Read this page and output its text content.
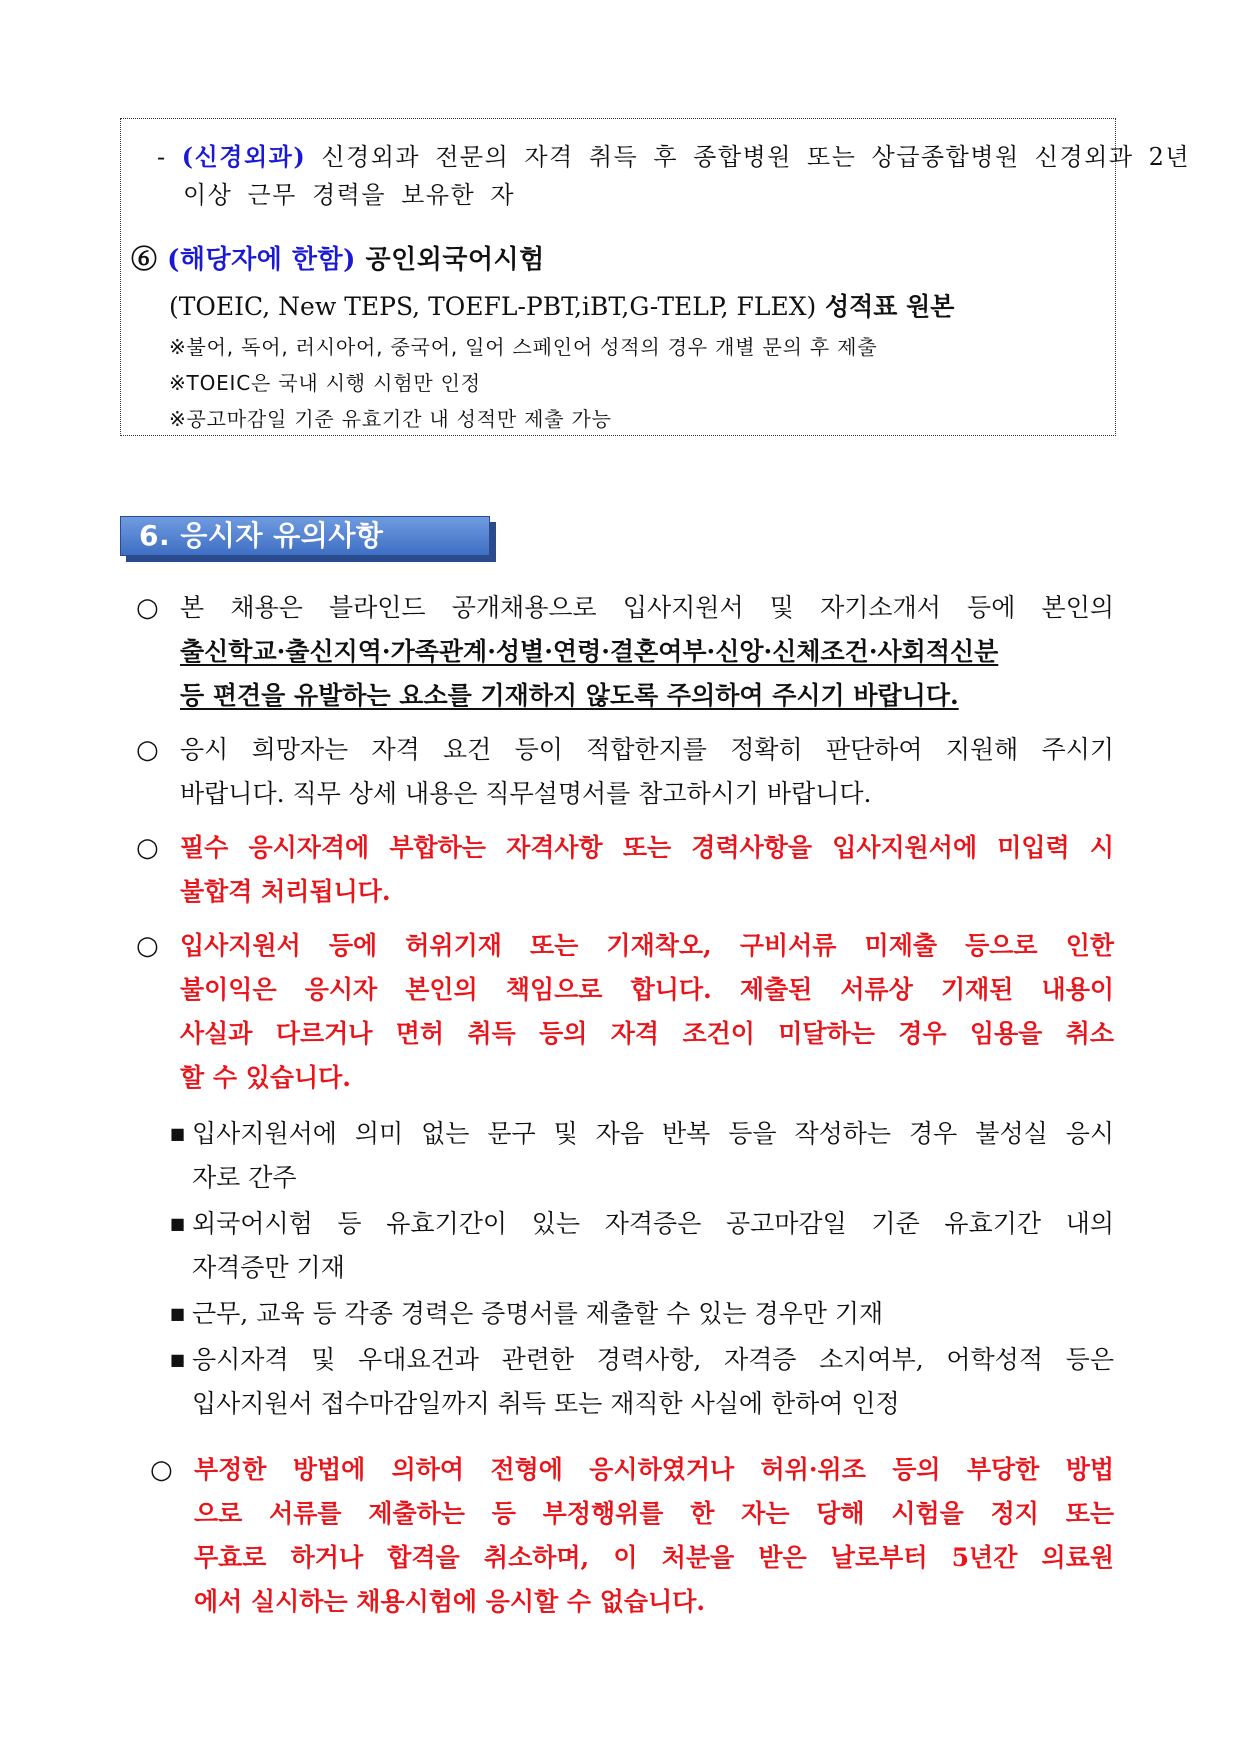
- (신경외과) 신경외과 전문의 자격 취득 후 종합병원 또는 상급종합병원 신경외과 2년
이상 근무 경력을 보유한 자
⑥ (해당자에 한함) 공인외국어시험
(TOEIC, New TEPS, TOEFL-PBT,iBT,G-TELP, FLEX) 성적표 원본
※불어, 독어, 러시아어, 중국어, 일어 스페인어 성적의 경우 개별 문의 후 제출
※TOEIC은 국내 시행 시험만 인정
※공고마감일 기준 유효기간 내 성적만 제출 가능
6. 응시자 유의사항
○ 본 채용은 블라인드 공개채용으로 입사지원서 및 자기소개서 등에 본인의
출신학교·출신지역·가족관계·성별·연령·결혼여부·신앙·신체조건·사회적신분
등 편견을 유발하는 요소를 기재하지 않도록 주의하여 주시기 바랍니다.
○ 응시 희망자는 자격 요건 등이 적합한지를 정확히 판단하여 지원해 주시기
바랍니다. 직무 상세 내용은 직무설명서를 참고하시기 바랍니다.
○ 필수 응시자격에 부합하는 자격사항 또는 경력사항을 입사지원서에 미입력 시
불합격 처리됩니다.
○ 입사지원서 등에 허위기재 또는 기재착오, 구비서류 미제출 등으로 인한
불이익은 응시자 본인의 책임으로 합니다. 제출된 서류상 기재된 내용이
사실과 다르거나 면허 취득 등의 자격 조건이 미달하는 경우 임용을 취소
할 수 있습니다.
■ 입사지원서에 의미 없는 문구 및 자음 반복 등을 작성하는 경우 불성실 응시
자로 간주
■ 외국어시험 등 유효기간이 있는 자격증은 공고마감일 기준 유효기간 내의
자격증만 기재
■ 근무, 교육 등 각종 경력은 증명서를 제출할 수 있는 경우만 기재
■ 응시자격 및 우대요건과 관련한 경력사항, 자격증 소지여부, 어학성적 등은
입사지원서 접수마감일까지 취득 또는 재직한 사실에 한하여 인정
○ 부정한 방법에 의하여 전형에 응시하였거나 허위·위조 등의 부당한 방법
으로 서류를 제출하는 등 부정행위를 한 자는 당해 시험을 정지 또는
무효로 하거나 합격을 취소하며, 이 처분을 받은 날로부터 5년간 의료원
에서 실시하는 채용시험에 응시할 수 없습니다.
